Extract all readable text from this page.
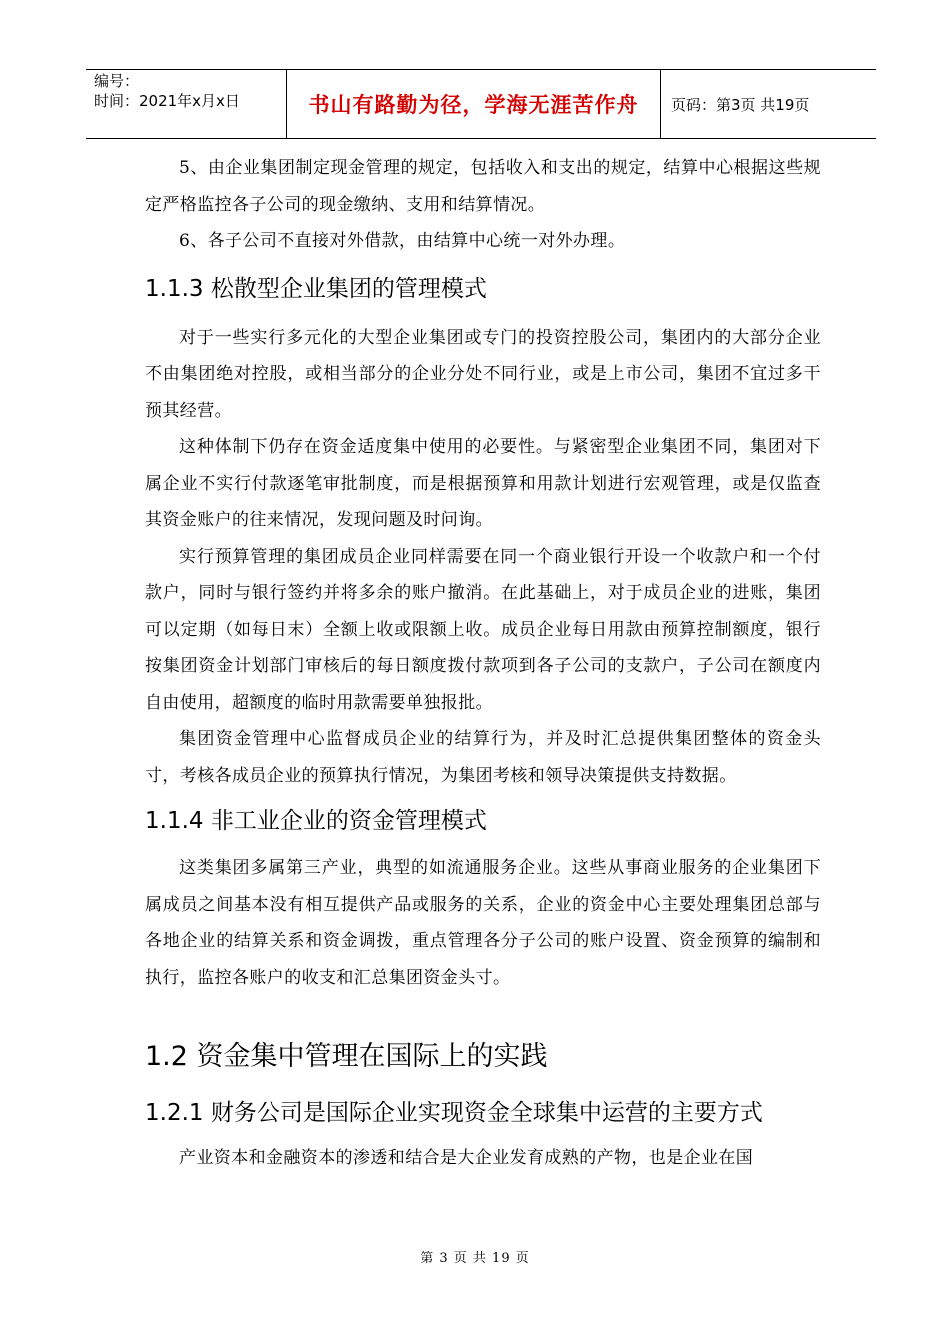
编号：
时间：2021年x月x日	书山有路勤为径，学海无涯苦作舟 页码：第3页 共19页

5、由企业集团制定现金管理的规定，包括收入和支出的规定，结算中心根据这些规定严格监控各子公司的现金缴纳、支用和结算情况。

6、各子公司不直接对外借款，由结算中心统一对外办理。

1.1.3 松散型企业集团的管理模式

对于一些实行多元化的大型企业集团或专门的投资控股公司，集团内的大部分企业不由集团绝对控股，或相当部分的企业分处不同行业，或是上市公司，集团不宜过多干预其经营。

这种体制下仍存在资金适度集中使用的必要性。与紧密型企业集团不同，集团对下属企业不实行付款逐笔审批制度，而是根据预算和用款计划进行宏观管理，或是仅监查其资金账户的往来情况，发现问题及时问询。

实行预算管理的集团成员企业同样需要在同一个商业银行开设一个收款户和一个付款户，同时与银行签约并将多余的账户撤消。在此基础上，对于成员企业的进账，集团可以定期（如每日末）全额上收或限额上收。成员企业每日用款由预算控制额度，银行按集团资金计划部门审核后的每日额度拨付款项到各子公司的支款户，子公司在额度内自由使用，超额度的临时用款需要单独报批。

集团资金管理中心监督成员企业的结算行为，并及时汇总提供集团整体的资金头寸，考核各成员企业的预算执行情况，为集团考核和领导决策提供支持数据。

1.1.4 非工业企业的资金管理模式

这类集团多属第三产业，典型的如流通服务企业。这些从事商业服务的企业集团下属成员之间基本没有相互提供产品或服务的关系，企业的资金中心主要处理集团总部与各地企业的结算关系和资金调拨，重点管理各分子公司的账户设置、资金预算的编制和执行，监控各账户的收支和汇总集团资金头寸。

1.2 资金集中管理在国际上的实践
1.2.1 财务公司是国际企业实现资金全球集中运营的主要方式

产业资本和金融资本的渗透和结合是大企业发育成熟的产物，也是企业在国

第 3 页 共 19 页
